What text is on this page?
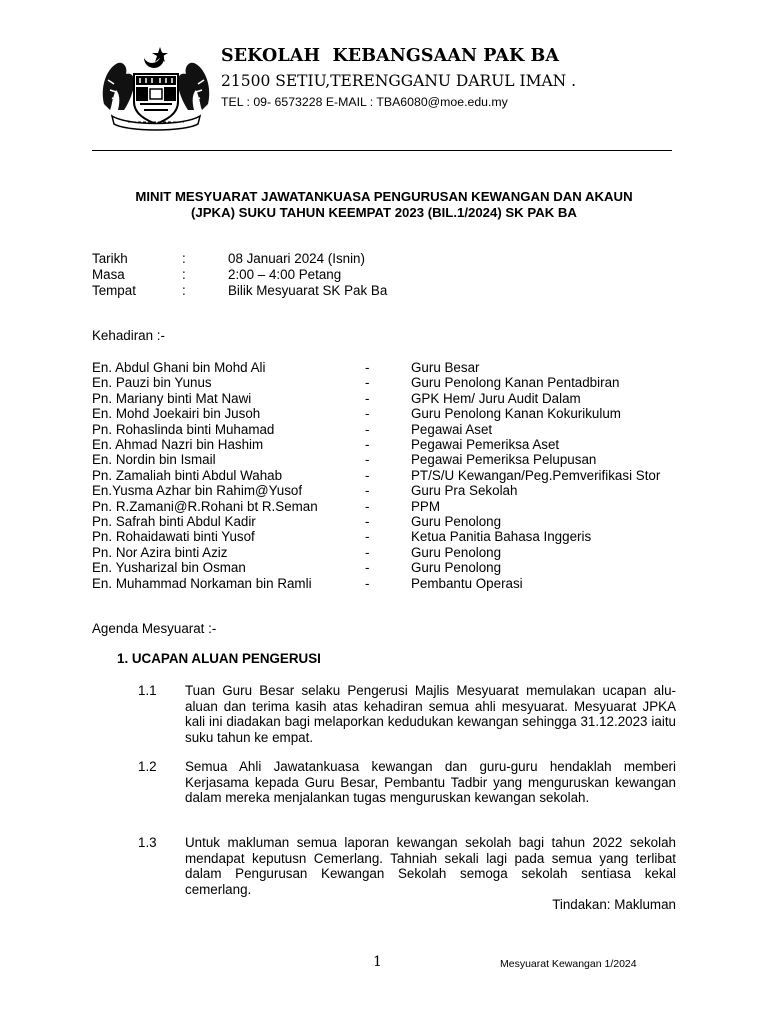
SEKOLAH  KEBANGSAAN PAK BA
21500 SETIU,TERENGGANU DARUL IMAN .
TEL : 09- 6573228 E-MAIL : TBA6080@moe.edu.my
MINIT MESYUARAT JAWATANKUASA PENGURUSAN KEWANGAN DAN AKAUN
(JPKA) SUKU TAHUN KEEMPAT 2023 (BIL.1/2024) SK PAK BA
Tarikh	:	08 Januari 2024 (Isnin)
Masa	:	2:00 – 4:00 Petang
Tempat	:	Bilik Mesyuarat SK Pak Ba
Kehadiran :-
En. Abdul Ghani bin Mohd Ali	-	Guru Besar
En. Pauzi bin Yunus	-	Guru Penolong Kanan Pentadbiran
Pn. Mariany binti Mat Nawi	-	GPK Hem/ Juru Audit Dalam
En. Mohd Joekairi bin Jusoh	-	Guru Penolong Kanan Kokurikulum
Pn. Rohaslinda binti Muhamad	-	Pegawai Aset
En. Ahmad Nazri bin Hashim	-	Pegawai Pemeriksa Aset
En. Nordin bin Ismail	-	Pegawai Pemeriksa Pelupusan
Pn. Zamaliah binti Abdul Wahab	-	PT/S/U Kewangan/Peg.Pemverifikasi Stor
En.Yusma Azhar bin Rahim@Yusof	-	Guru Pra Sekolah
Pn. R.Zamani@R.Rohani bt R.Seman	-	PPM
Pn. Safrah binti Abdul Kadir	-	Guru Penolong
Pn. Rohaidawati binti Yusof	-	Ketua Panitia Bahasa Inggeris
Pn. Nor Azira binti Aziz	-	Guru Penolong
En. Yusharizal bin Osman	-	Guru Penolong
En. Muhammad Norkaman bin Ramli	-	Pembantu Operasi
Agenda Mesyuarat :-
1. UCAPAN ALUAN PENGERUSI
1.1 Tuan Guru Besar selaku Pengerusi Majlis Mesyuarat memulakan ucapan alu-aluan dan terima kasih atas kehadiran semua ahli mesyuarat. Mesyuarat JPKA kali ini diadakan bagi melaporkan kedudukan kewangan sehingga 31.12.2023 iaitu suku tahun ke empat.
1.2 Semua Ahli Jawatankuasa kewangan dan guru-guru hendaklah memberi Kerjasama kepada Guru Besar, Pembantu Tadbir yang menguruskan kewangan dalam mereka menjalankan tugas menguruskan kewangan sekolah.
1.3 Untuk makluman semua laporan kewangan sekolah bagi tahun 2022 sekolah mendapat keputusn Cemerlang. Tahniah sekali lagi pada semua yang terlibat dalam Pengurusan Kewangan Sekolah semoga sekolah sentiasa kekal cemerlang.
Tindakan: Makluman
1	Mesyuarat Kewangan 1/2024
